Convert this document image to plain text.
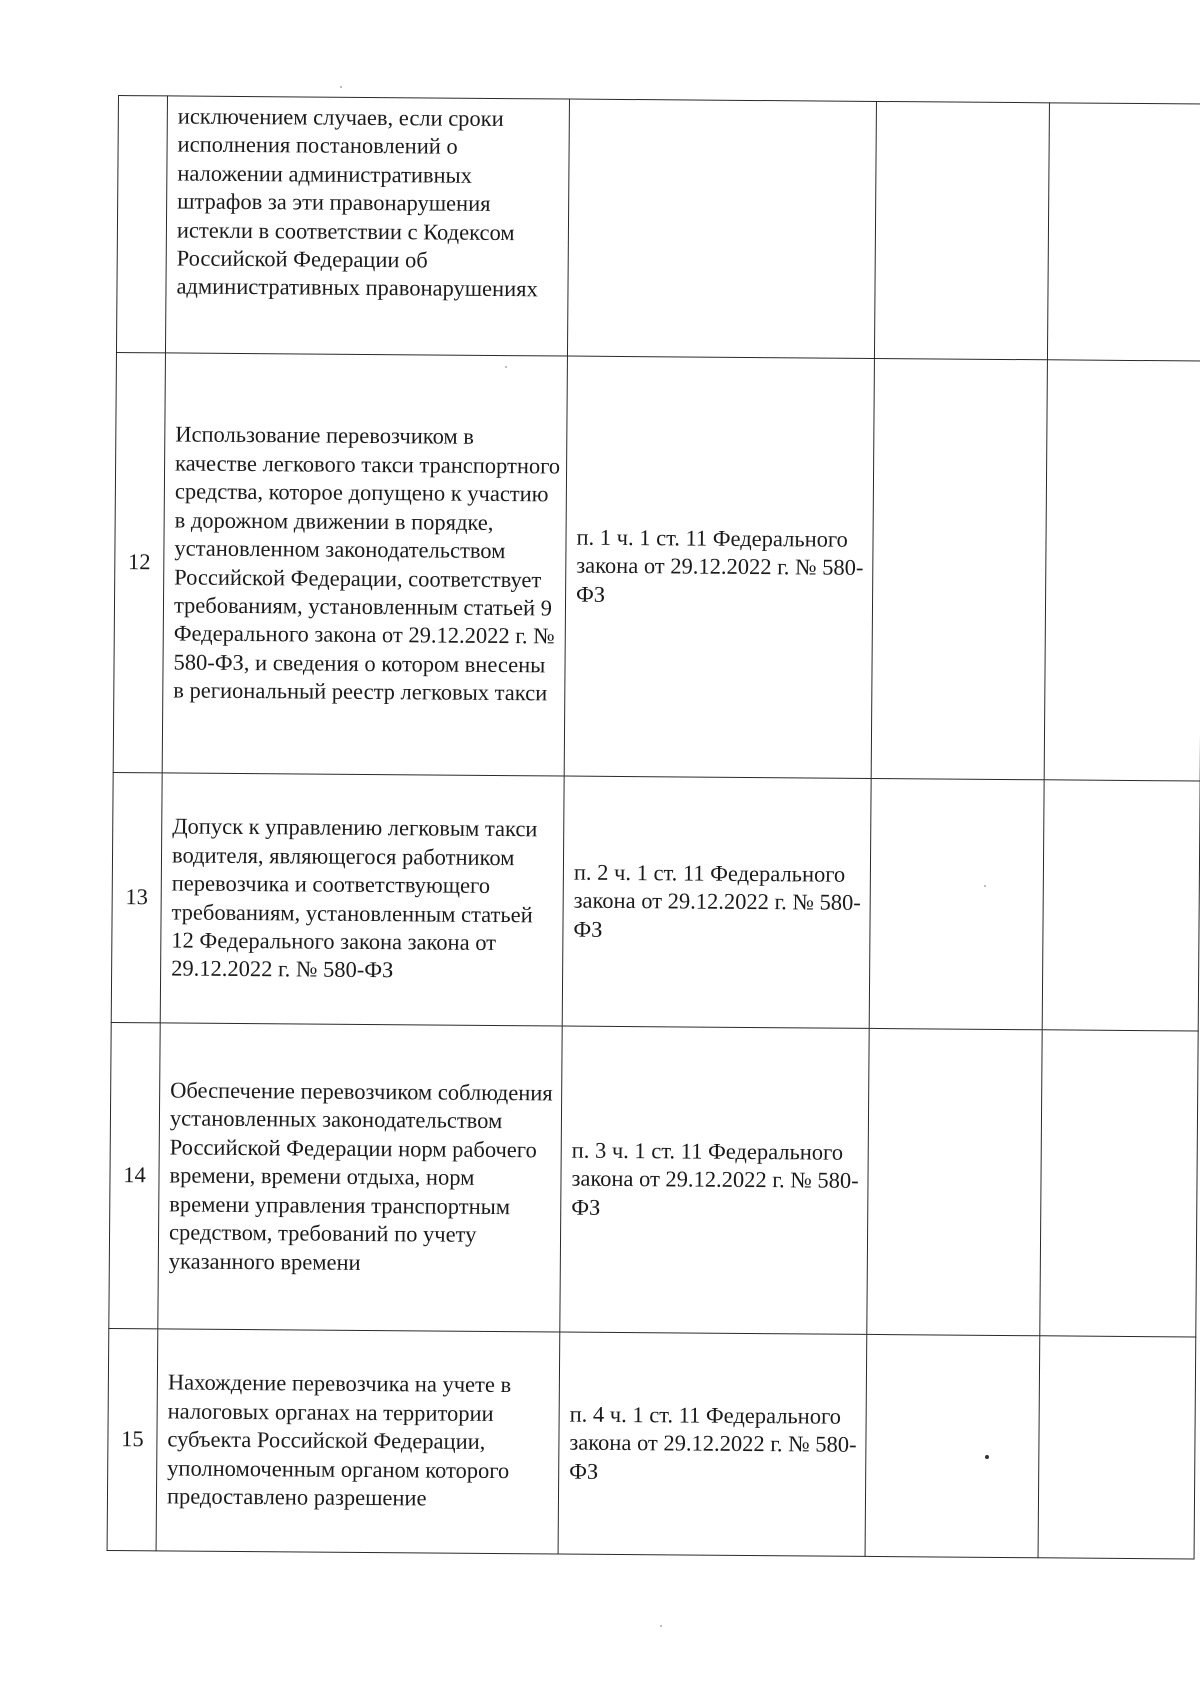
	исключением случаев, если сроки исполнения постановлений о наложении административных штрафов за эти правонарушения истекли в соответствии с Кодексом Российской Федерации об административных правонарушениях			
12	Использование перевозчиком в качестве легкового такси транспортного средства, которое допущено к участию в дорожном движении в порядке, установленном законодательством Российской Федерации, соответствует требованиям, установленным статьей 9 Федерального закона от 29.12.2022 г. № 580-ФЗ, и сведения о котором внесены в региональный реестр легковых такси	п. 1 ч. 1 ст. 11 Федерального закона от 29.12.2022 г. № 580-ФЗ		
13	Допуск к управлению легковым такси водителя, являющегося работником перевозчика и соответствующего требованиям, установленным статьей 12 Федерального закона закона от 29.12.2022 г. № 580-ФЗ	п. 2 ч. 1 ст. 11 Федерального закона от 29.12.2022 г. № 580-ФЗ		
14	Обеспечение перевозчиком соблюдения установленных законодательством Российской Федерации норм рабочего времени, времени отдыха, норм времени управления транспортным средством, требований по учету указанного времени	п. 3 ч. 1 ст. 11 Федерального закона от 29.12.2022 г. № 580-ФЗ		
15	Нахождение перевозчика на учете в налоговых органах на территории субъекта Российской Федерации, уполномоченным органом которого предоставлено разрешение	п. 4 ч. 1 ст. 11 Федерального закона от 29.12.2022 г. № 580-ФЗ		
